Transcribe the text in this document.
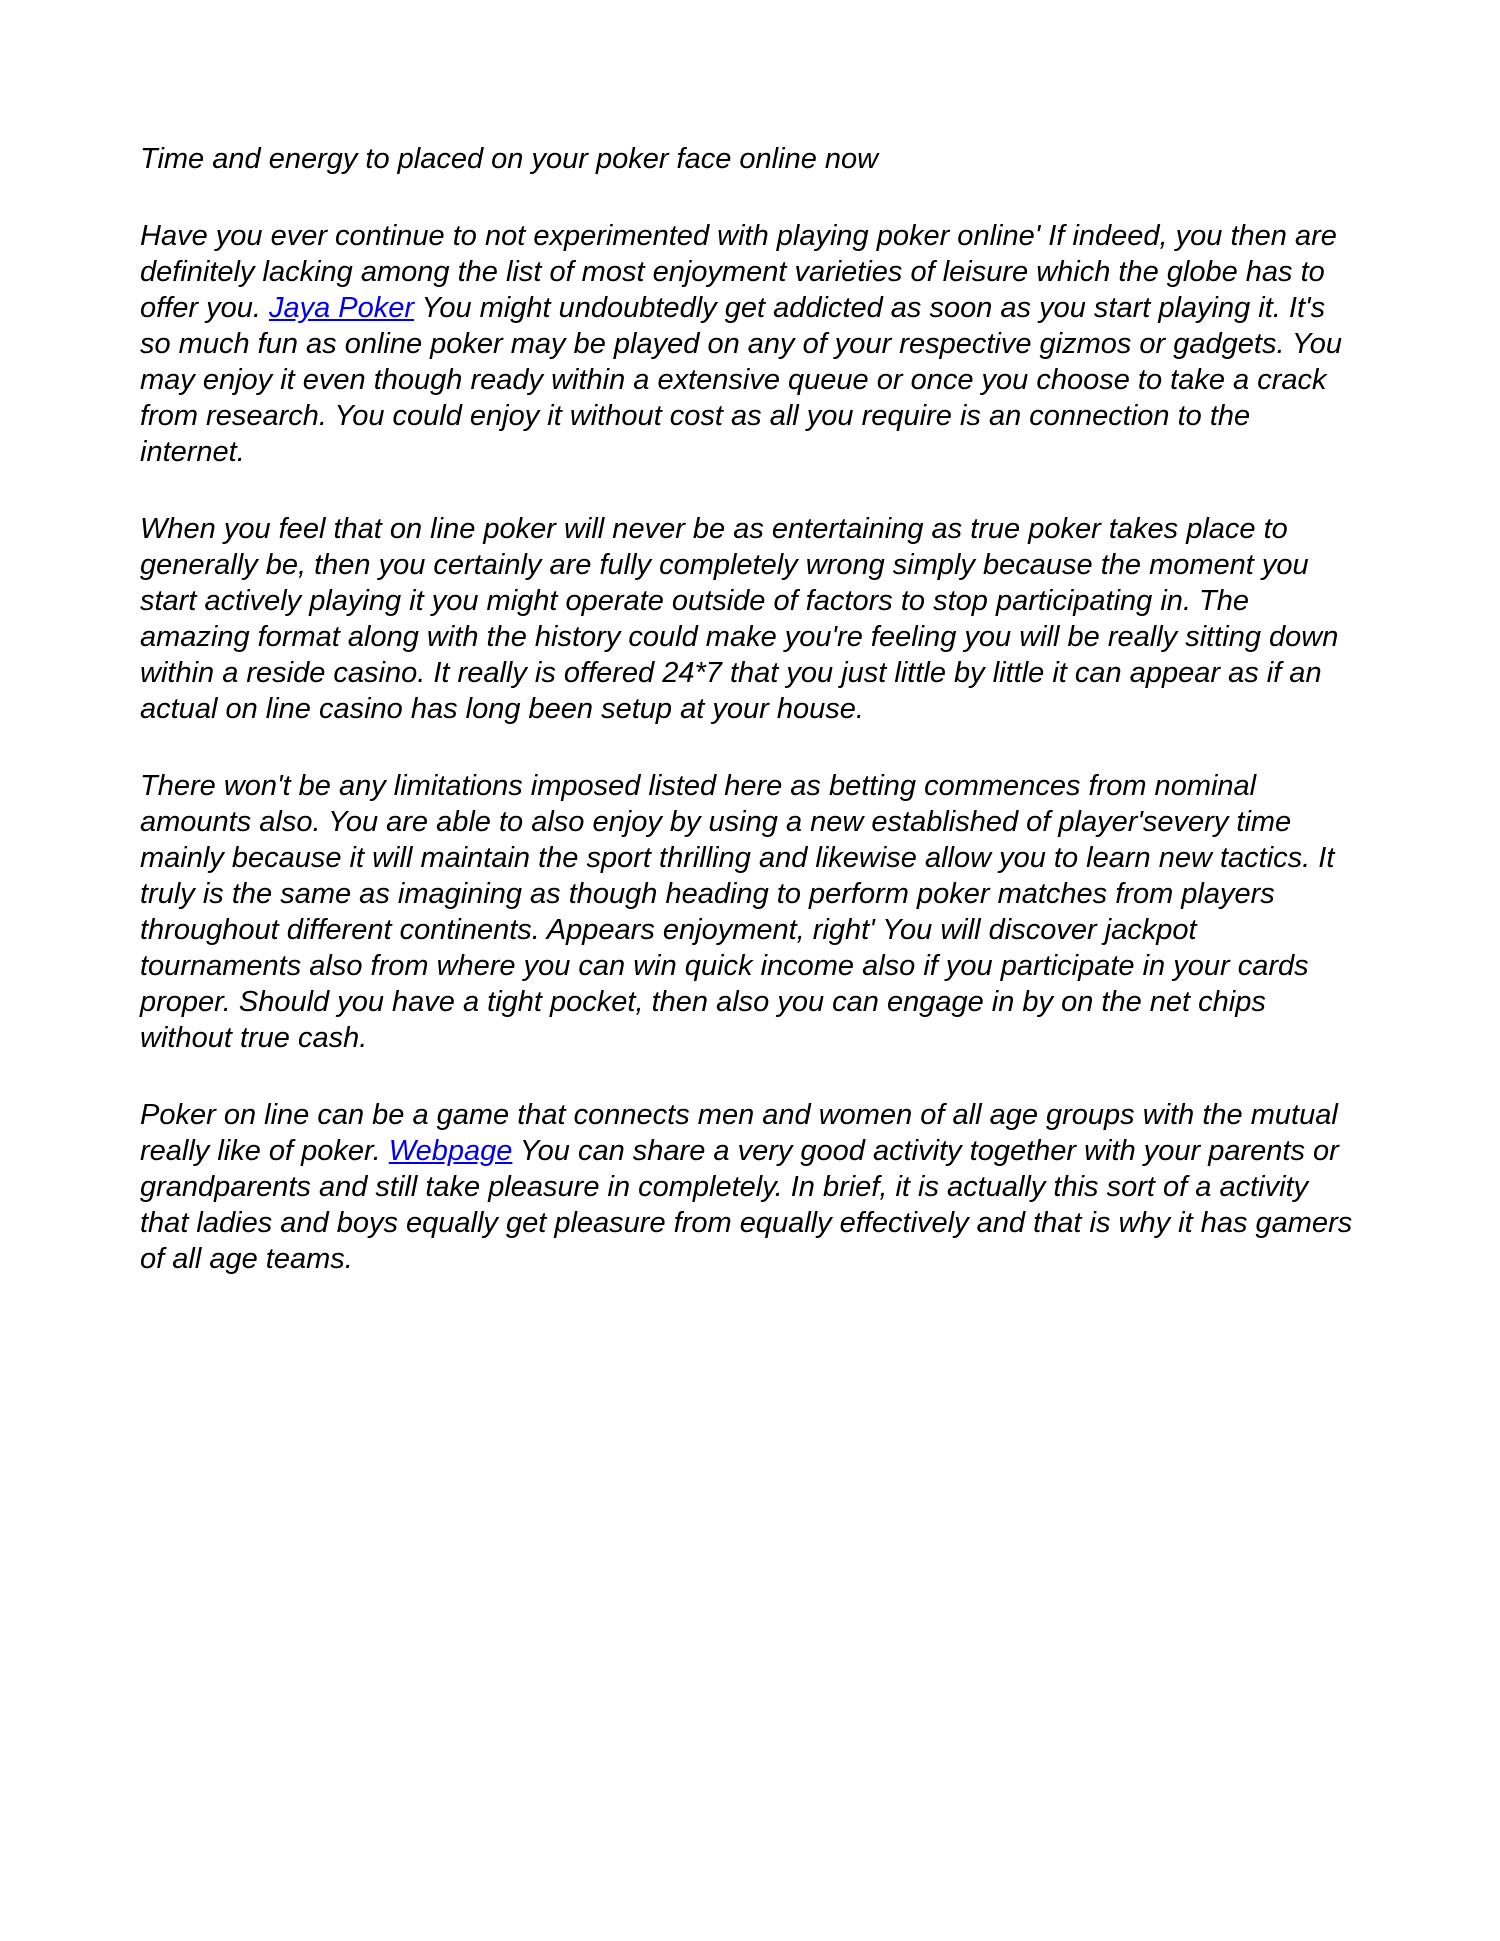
Time and energy to placed on your poker face online now

Have you ever continue to not experimented with playing poker online' If indeed, you then are definitely lacking among the list of most enjoyment varieties of leisure which the globe has to offer you. Jaya Poker You might undoubtedly get addicted as soon as you start playing it. It's so much fun as online poker may be played on any of your respective gizmos or gadgets. You may enjoy it even though ready within a extensive queue or once you choose to take a crack from research. You could enjoy it without cost as all you require is an connection to the internet.

When you feel that on line poker will never be as entertaining as true poker takes place to generally be, then you certainly are fully completely wrong simply because the moment you start actively playing it you might operate outside of factors to stop participating in. The amazing format along with the history could make you're feeling you will be really sitting down within a reside casino. It really is offered 24*7 that you just little by little it can appear as if an actual on line casino has long been setup at your house.

There won't be any limitations imposed listed here as betting commences from nominal amounts also. You are able to also enjoy by using a new established of player'severy time mainly because it will maintain the sport thrilling and likewise allow you to learn new tactics. It truly is the same as imagining as though heading to perform poker matches from players throughout different continents. Appears enjoyment, right' You will discover jackpot tournaments also from where you can win quick income also if you participate in your cards proper. Should you have a tight pocket, then also you can engage in by on the net chips without true cash.

Poker on line can be a game that connects men and women of all age groups with the mutual really like of poker. Webpage You can share a very good activity together with your parents or grandparents and still take pleasure in completely. In brief, it is actually this sort of a activity that ladies and boys equally get pleasure from equally effectively and that is why it has gamers of all age teams.
